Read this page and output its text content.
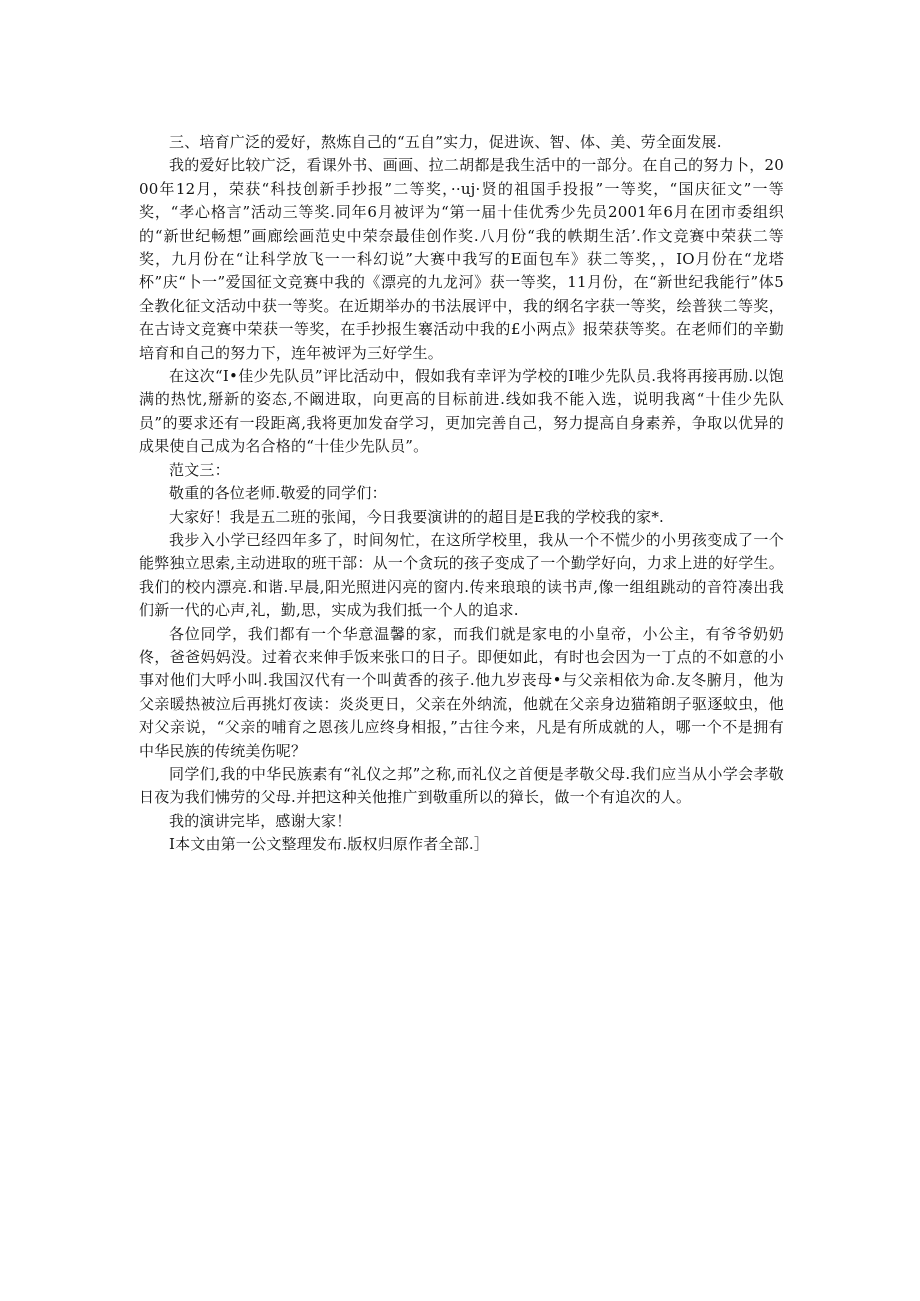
三、培育广泛的爱好，熬炼自己的“五自”实力，促进诙、智、体、美、劳全面发展.

我的爱好比较广泛，看课外书、画画、拉二胡都是我生活中的一部分。在自己的努力卜，2000年12月，荣获“科技创新手抄报”二等奖，··uj·贤的祖国手投报”一等奖，“国庆征文”一等奖，“孝心格言”活动三等奖.同年6月被评为“第一届十佳优秀少先员2001年6月在团市委组织的“新世纪畅想”画廊绘画范史中荣奈最佳创作奖.八月份“我的帙期生活’.作文竞赛中荣获二等奖，九月份在“让科学放飞一一科幻说”大赛中我写的E面包车》获二等奖，，IO月份在“龙塔杯”庆“卜一”爱国征文竞赛中我的《漂亮的九龙河》获一等奖，11月份，在“新世纪我能行”体5全教化征文活动中获一等奖。在近期举办的书法展评中，我的纲名字获一等奖，绘普狭二等奖，在古诗文竞赛中荣获一等奖，在手抄报生褰活动中我的£小两点》报荣获等奖。在老师们的辛勤培育和自己的努力下，连年被评为三好学生。

在这次“I•佳少先队员”评比活动中，假如我有幸评为学校的I唯少先队员.我将再接再励.以饱满的热忱,掰新的姿态,不阚进取，向更高的目标前进.线如我不能入选，说明我离“十佳少先队员”的要求还有一段距离,我将更加发奋学习，更加完善自己，努力提高自身素养，争取以优异的成果使自己成为名合格的“十佳少先队员”。

范文三：

敬重的各位老师.敬爱的同学们：

大家好！我是五二班的张闻，今日我要演讲的的超目是E我的学校我的家*.

我步入小学已经四年多了，时间匆忙，在这所学校里，我从一个不慌少的小男孩变成了一个能弊独立思索,主动进取的班干部：从一个贪玩的孩子变成了一个勤学好向，力求上进的好学生。我们的校内漂亮.和谐.早晨,阳光照进闪亮的窗内.传来琅琅的读书声,像一组组跳动的音符凑出我们新一代的心声,礼，勤,思，实成为我们抵一个人的追求.

各位同学，我们都有一个华意温馨的家，而我们就是家电的小皇帝，小公主，有爷爷奶奶佟，爸爸妈妈没。过着衣来伸手饭来张口的日子。即便如此，有时也会因为一丁点的不如意的小事对他们大呼小叫.我国汉代有一个叫黄香的孩子.他九岁丧母•与父亲相依为命.友冬腑月，他为父亲暖热被泣后再挑灯夜读：炎炎更日，父亲在外纳流，他就在父亲身边猫箱朗子驱逐蚊虫，他对父亲说，“父亲的哺育之恩孩儿应终身相报，”古往今来，凡是有所成就的人，哪一个不是拥有中华民族的传统美伤呢？

同学们,我的中华民族素有“礼仪之邦”之称,而礼仪之首便是孝敬父母.我们应当从小学会孝敬日夜为我们怫劳的父母.并把这种关他推广到敬重所以的獐长，做一个有追次的人。

我的演讲完毕，感谢大家！

I本文由第一公文整理发布.版权归原作者全部.］
